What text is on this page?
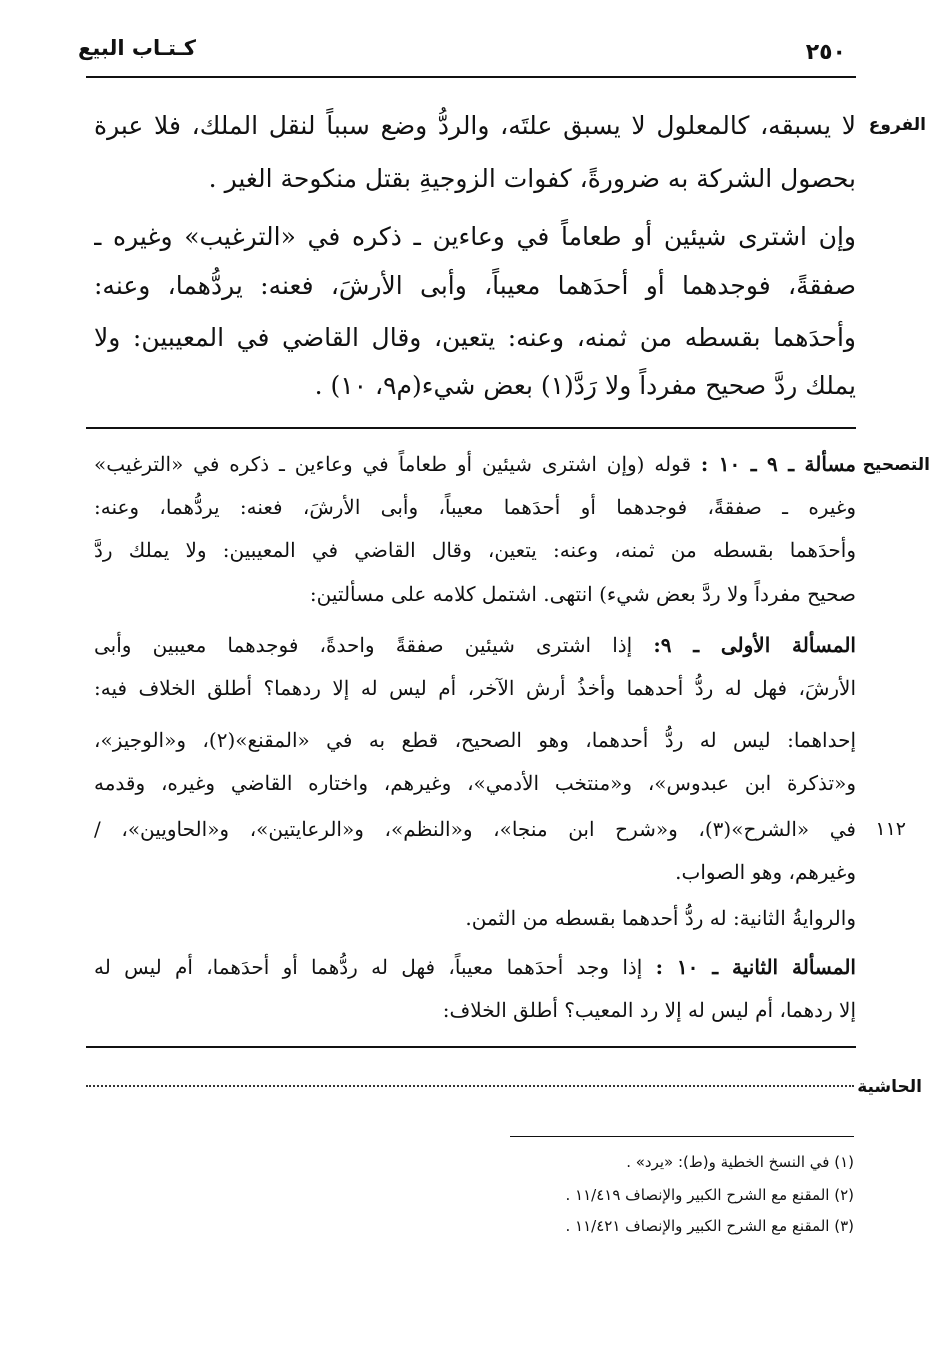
كـتـاب البيع	٢٥٠
الفروع
التصحيح
الحاشية
١١٢
لا يسبقه، كالمعلول لا يسبق علتَه، والردُّ وضع سبباً لنقل الملك، فلا عبرة
بحصول الشركة به ضرورةً، كفوات الزوجيةِ بقتل منكوحة الغير .
وإن اشترى شيئين أو طعاماً في وعاءين ـ ذكره في «الترغيب» وغيره ـ
صفقةً، فوجدهما أو أحدَهما معيباً، وأبى الأرشَ، فعنه: يردُّهما، وعنه:
وأحدَهما بقسطه من ثمنه، وعنه: يتعين، وقال القاضي في المعيبين: ولا
يملك ردَّ صحيح مفرداً ولا رَدَّ(١) بعض شيء(م٩، ١٠) .
مسألة ـ ٩ ـ ١٠ : قوله (وإن اشترى شيئين أو طعاماً في وعاءين ـ ذكره في «الترغيب»
وغيره ـ صفقةً، فوجدهما أو أحدَهما معيباً، وأبى الأرشَ، فعنه: يردُّهما، وعنه:
وأحدَهما بقسطه من ثمنه، وعنه: يتعين، وقال القاضي في المعيبين: ولا يملك ردَّ
صحيح مفرداً ولا ردَّ بعض شيء) انتهى. اشتمل كلامه على مسألتين:
المسألة الأولى ـ ٩: إذا اشترى شيئين صفقةً واحدةً، فوجدهما معيبين وأبى
الأرشَ، فهل له ردُّ أحدهما وأخذُ أرش الآخر، أم ليس له إلا ردهما؟ أطلق الخلاف فيه:
إحداهما: ليس له ردُّ أحدهما، وهو الصحيح، قطع به في «المقنع»(٢)، و«الوجيز»،
و«تذكرة ابن عبدوس»، و«منتخب الأدمي»، وغيرهم، واختاره القاضي وغيره، وقدمه
في «الشرح»(٣)، و«شرح ابن منجا»، و«النظم»، و«الرعايتين»، و«الحاويين»، /
وغيرهم، وهو الصواب.
والروايةُ الثانية: له ردُّ أحدهما بقسطه من الثمن.
المسألة الثانية ـ ١٠ : إذا وجد أحدَهما معيباً، فهل له ردُّهما أو أحدَهما، أم ليس له
إلا ردهما، أم ليس له إلا رد المعيب؟ أطلق الخلاف:
(١) في النسخ الخطية و(ط): «يرد» .
(٢) المقنع مع الشرح الكبير والإنصاف ١١/٤١٩ .
(٣) المقنع مع الشرح الكبير والإنصاف ١١/٤٢١ .
